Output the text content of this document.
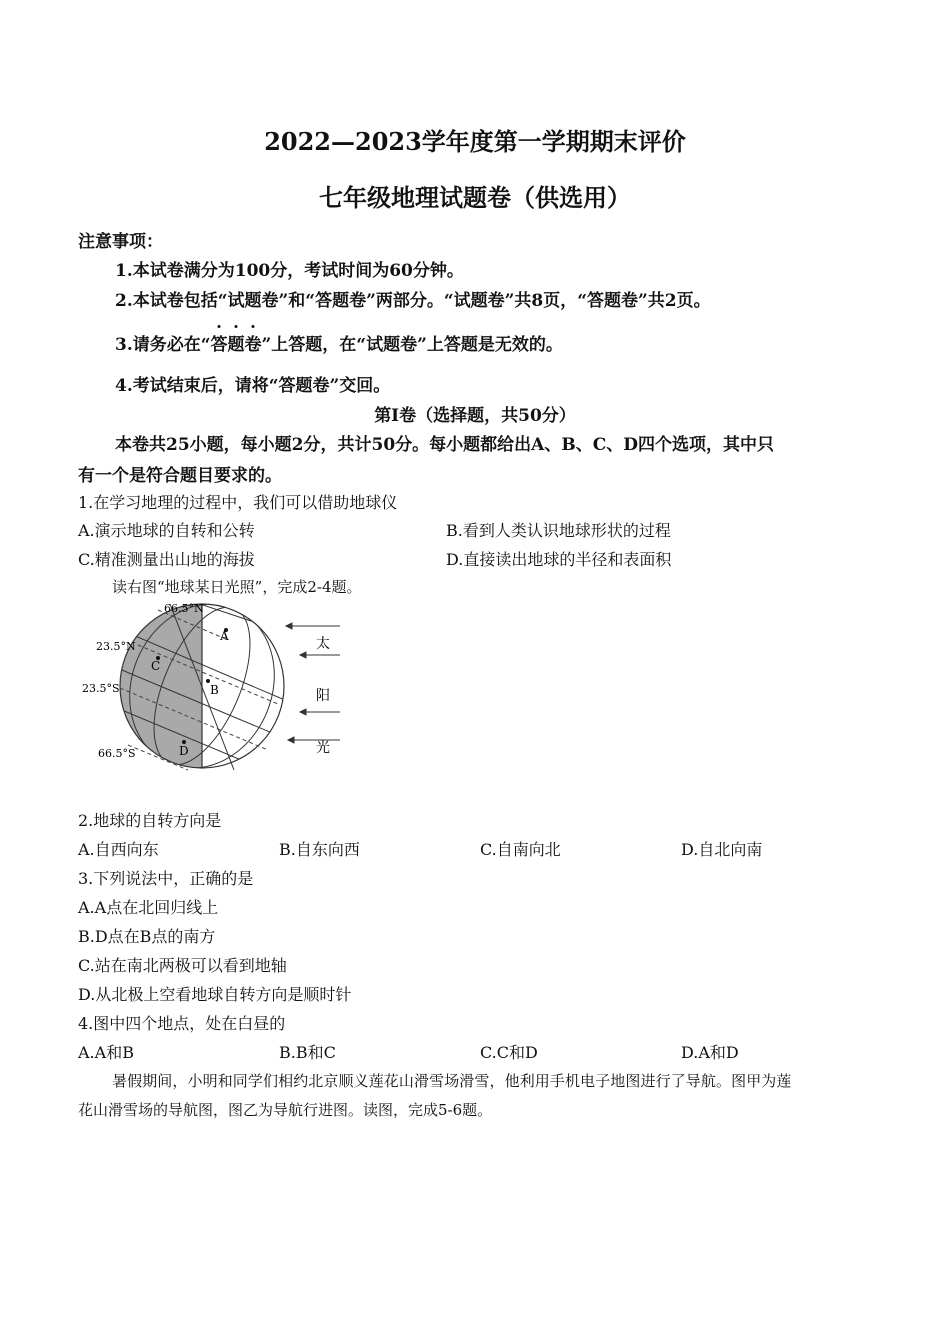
2022—2023学年度第一学期期末评价
七年级地理试题卷（供选用）
注意事项：
1.本试卷满分为100分，考试时间为60分钟。
2.本试卷包括“试题卷”和“答题卷”两部分。“试题卷”共8页，“答题卷”共2页。
3.请务必在“
答题卷”上答题，在“试题卷”上答题是无效的。
4.考试结束后，请将“答题卷”交回。
第Ⅰ卷（选择题，共50分）
本卷共25小题，每小题2分，共计50分。每小题都给出A、B、C、D四个选项，其中只
有一个是符合题目要求的。
1.在学习地理的过程中，我们可以借助地球仪
A.演示地球的自转和公转	B.看到人类认识地球形状的过程
C.精准测量出山地的海拔	D.直接读出地球的半径和表面积
读右图“地球某日光照”，完成2-4题。
66.5°N
23.5°N
23.5°S
66.5°S
A
B
C
D
太
阳
光
2.地球的自转方向是
A.自西向东	B.自东向西	C.自南向北	D.自北向南
3.下列说法中，正确的是
A.A点在北回归线上
B.D点在B点的南方
C.站在南北两极可以看到地轴
D.从北极上空看地球自转方向是顺时针
4.图中四个地点，处在白昼的
A.A和B	B.B和C	C.C和D	D.A和D
暑假期间，小明和同学们相约北京顺义莲花山滑雪场滑雪，他利用手机电子地图进行了导航。图甲为莲
花山滑雪场的导航图，图乙为导航行进图。读图，完成5-6题。
